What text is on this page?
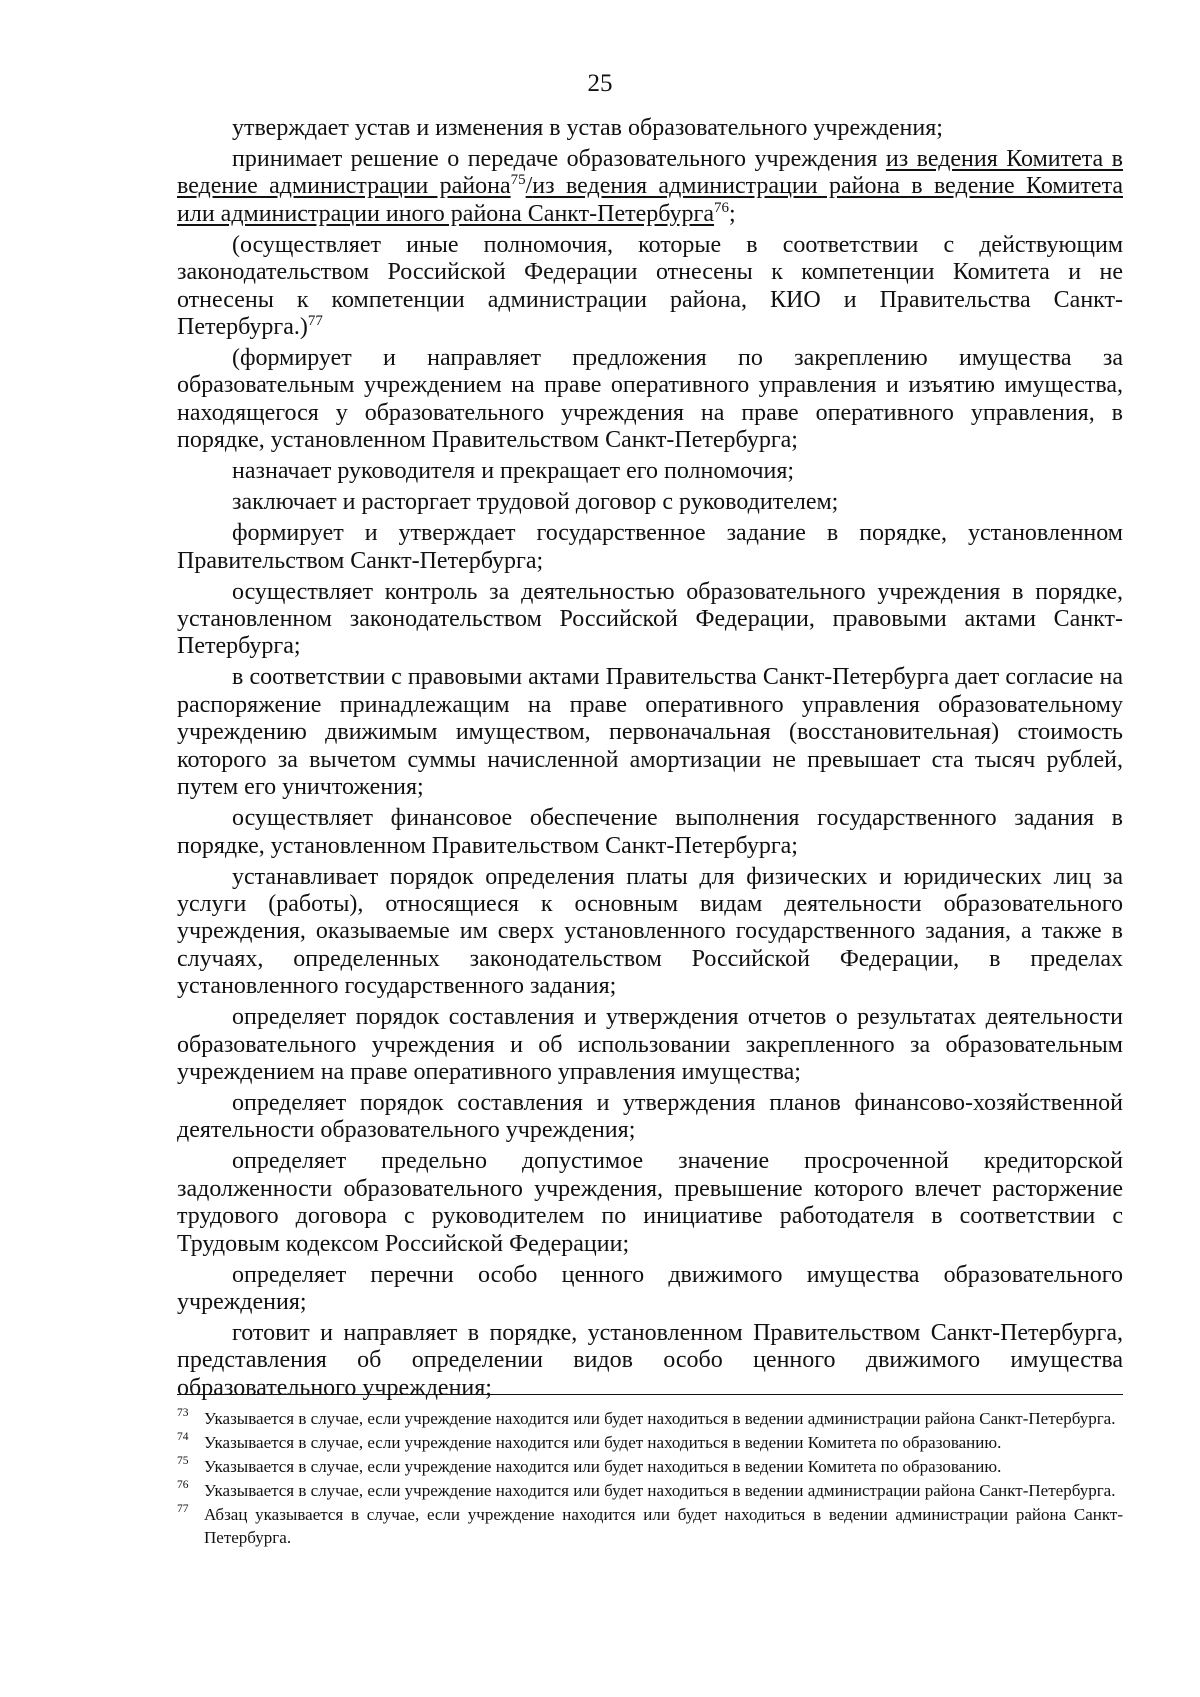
25

утверждает устав и изменения в устав образовательного учреждения;

принимает решение о передаче образовательного учреждения из ведения Комитета в ведение администрации района$^{75}$/из ведения администрации района в ведение Комитета или администрации иного района Санкт-Петербурга$^{76}$;

(осуществляет иные полномочия, которые в соответствии с действующим законодательством Российской Федерации отнесены к компетенции Комитета и не отнесены к компетенции администрации района, КИО и Правительства Санкт-Петербурга.)$^{77}$

(формирует и направляет предложения по закреплению имущества за образовательным учреждением на праве оперативного управления и изъятию имущества, находящегося у образовательного учреждения на праве оперативного управления, в порядке, установленном Правительством Санкт-Петербурга;

назначает руководителя и прекращает его полномочия;

заключает и расторгает трудовой договор с руководителем;

формирует и утверждает государственное задание в порядке, установленном Правительством Санкт-Петербурга;

осуществляет контроль за деятельностью образовательного учреждения в порядке, установленном законодательством Российской Федерации, правовыми актами Санкт-Петербурга;

в соответствии с правовыми актами Правительства Санкт-Петербурга дает согласие на распоряжение принадлежащим на праве оперативного управления образовательному учреждению движимым имуществом, первоначальная (восстановительная) стоимость которого за вычетом суммы начисленной амортизации не превышает ста тысяч рублей, путем его уничтожения;

осуществляет финансовое обеспечение выполнения государственного задания в порядке, установленном Правительством Санкт-Петербурга;

устанавливает порядок определения платы для физических и юридических лиц за услуги (работы), относящиеся к основным видам деятельности образовательного учреждения, оказываемые им сверх установленного государственного задания, а также в случаях, определенных законодательством Российской Федерации, в пределах установленного государственного задания;

определяет порядок составления и утверждения отчетов о результатах деятельности образовательного учреждения и об использовании закрепленного за образовательным учреждением на праве оперативного управления имущества;

определяет порядок составления и утверждения планов финансово-хозяйственной деятельности образовательного учреждения;

определяет предельно допустимое значение просроченной кредиторской задолженности образовательного учреждения, превышение которого влечет расторжение трудового договора с руководителем по инициативе работодателя в соответствии с Трудовым кодексом Российской Федерации;

определяет перечни особо ценного движимого имущества образовательного учреждения;

готовит и направляет в порядке, установленном Правительством Санкт-Петербурга, представления об определении видов особо ценного движимого имущества образовательного учреждения;

73 Указывается в случае, если учреждение находится или будет находиться в ведении администрации района Санкт-Петербурга.
74 Указывается в случае, если учреждение находится или будет находиться в ведении Комитета по образованию.
75 Указывается в случае, если учреждение находится или будет находиться в ведении Комитета по образованию.
76 Указывается в случае, если учреждение находится или будет находиться в ведении администрации района Санкт-Петербурга.
77 Абзац указывается в случае, если учреждение находится или будет находиться в ведении администрации района Санкт-Петербурга.
